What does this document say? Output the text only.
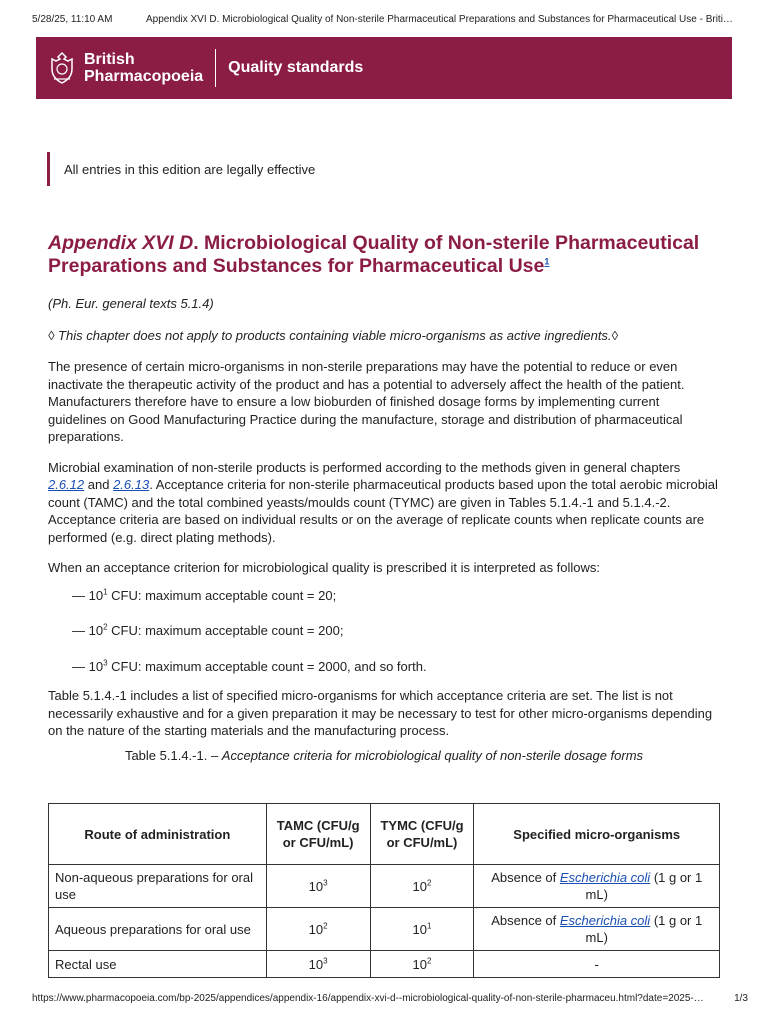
5/28/25, 11:10 AM	Appendix XVI D. Microbiological Quality of Non-sterile Pharmaceutical Preparations and Substances for Pharmaceutical Use - Briti…
British
Pharmacopoeia
Quality standards
All entries in this edition are legally effective
Appendix XVI D. Microbiological Quality of Non-sterile Pharmaceutical Preparations and Substances for Pharmaceutical Use$^1$

(Ph. Eur. general texts 5.1.4)

◊ This chapter does not apply to products containing viable micro-organisms as active ingredients.◊

The presence of certain micro-organisms in non-sterile preparations may have the potential to reduce or even inactivate the therapeutic activity of the product and has a potential to adversely affect the health of the patient. Manufacturers therefore have to ensure a low bioburden of finished dosage forms by implementing current guidelines on Good Manufacturing Practice during the manufacture, storage and distribution of pharmaceutical preparations.

Microbial examination of non-sterile products is performed according to the methods given in general chapters 2.6.12 and 2.6.13. Acceptance criteria for non-sterile pharmaceutical products based upon the total aerobic microbial count (TAMC) and the total combined yeasts/moulds count (TYMC) are given in Tables 5.1.4.-1 and 5.1.4.-2. Acceptance criteria are based on individual results or on the average of replicate counts when replicate counts are performed (e.g. direct plating methods).

When an acceptance criterion for microbiological quality is prescribed it is interpreted as follows:

— $10^1$ CFU: maximum acceptable count = 20;

— $10^2$ CFU: maximum acceptable count = 200;

— $10^3$ CFU: maximum acceptable count = 2000, and so forth.

Table 5.1.4.-1 includes a list of specified micro-organisms for which acceptance criteria are set. The list is not necessarily exhaustive and for a given preparation it may be necessary to test for other micro-organisms depending on the nature of the starting materials and the manufacturing process.

Table 5.1.4.-1. – Acceptance criteria for microbiological quality of non-sterile dosage forms

Route of administration	TAMC (CFU/g or CFU/mL)	TYMC (CFU/g or CFU/mL)	Specified micro-organisms
Non-aqueous preparations for oral use	$10^3$	$10^2$	Absence of Escherichia coli (1 g or 1 mL)
Aqueous preparations for oral use	$10^2$	$10^1$	Absence of Escherichia coli (1 g or 1 mL)
Rectal use	$10^3$	$10^2$	-
https://www.pharmacopoeia.com/bp-2025/appendices/appendix-16/appendix-xvi-d--microbiological-quality-of-non-sterile-pharmaceu.html?date=2025-…	1/3
